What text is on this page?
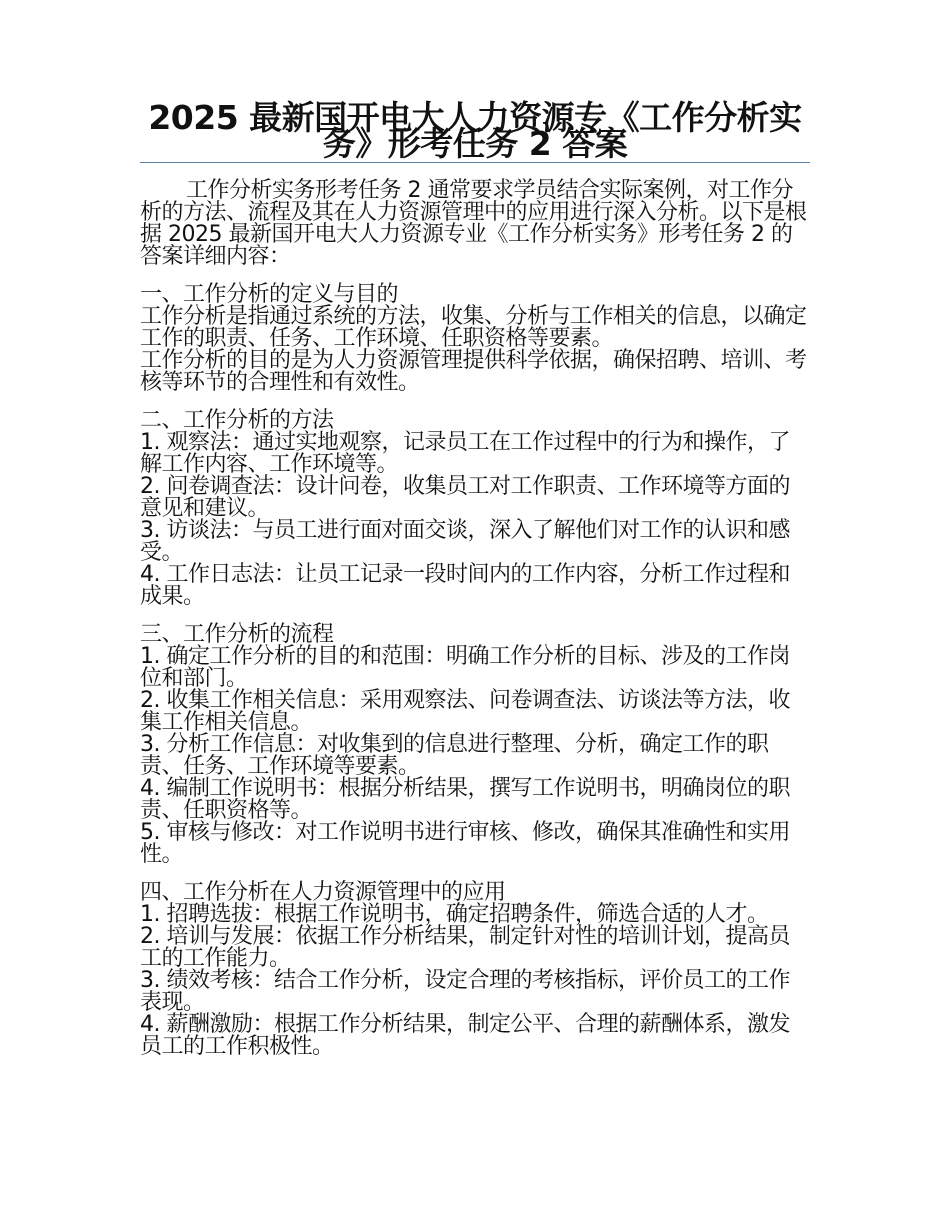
2025 最新国开电大人力资源专《工作分析实务》形考任务 2 答案

工作分析实务形考任务 2 通常要求学员结合实际案例，对工作分析的方法、流程及其在人力资源管理中的应用进行深入分析。以下是根据 2025 最新国开电大人力资源专业《工作分析实务》形考任务 2 的答案详细内容：

一、工作分析的定义与目的

工作分析是指通过系统的方法，收集、分析与工作相关的信息，以确定工作的职责、任务、工作环境、任职资格等要素。

工作分析的目的是为人力资源管理提供科学依据，确保招聘、培训、考核等环节的合理性和有效性。

二、工作分析的方法

1. 观察法：通过实地观察，记录员工在工作过程中的行为和操作，了解工作内容、工作环境等。

2. 问卷调查法：设计问卷，收集员工对工作职责、工作环境等方面的意见和建议。

3. 访谈法：与员工进行面对面交谈，深入了解他们对工作的认识和感受。

4. 工作日志法：让员工记录一段时间内的工作内容，分析工作过程和成果。

三、工作分析的流程

1. 确定工作分析的目的和范围：明确工作分析的目标、涉及的工作岗位和部门。

2. 收集工作相关信息：采用观察法、问卷调查法、访谈法等方法，收集工作相关信息。

3. 分析工作信息：对收集到的信息进行整理、分析，确定工作的职责、任务、工作环境等要素。

4. 编制工作说明书：根据分析结果，撰写工作说明书，明确岗位的职责、任职资格等。

5. 审核与修改：对工作说明书进行审核、修改，确保其准确性和实用性。

四、工作分析在人力资源管理中的应用

1. 招聘选拔：根据工作说明书，确定招聘条件，筛选合适的人才。

2. 培训与发展：依据工作分析结果，制定针对性的培训计划，提高员工的工作能力。

3. 绩效考核：结合工作分析，设定合理的考核指标，评价员工的工作表现。

4. 薪酬激励：根据工作分析结果，制定公平、合理的薪酬体系，激发员工的工作积极性。
